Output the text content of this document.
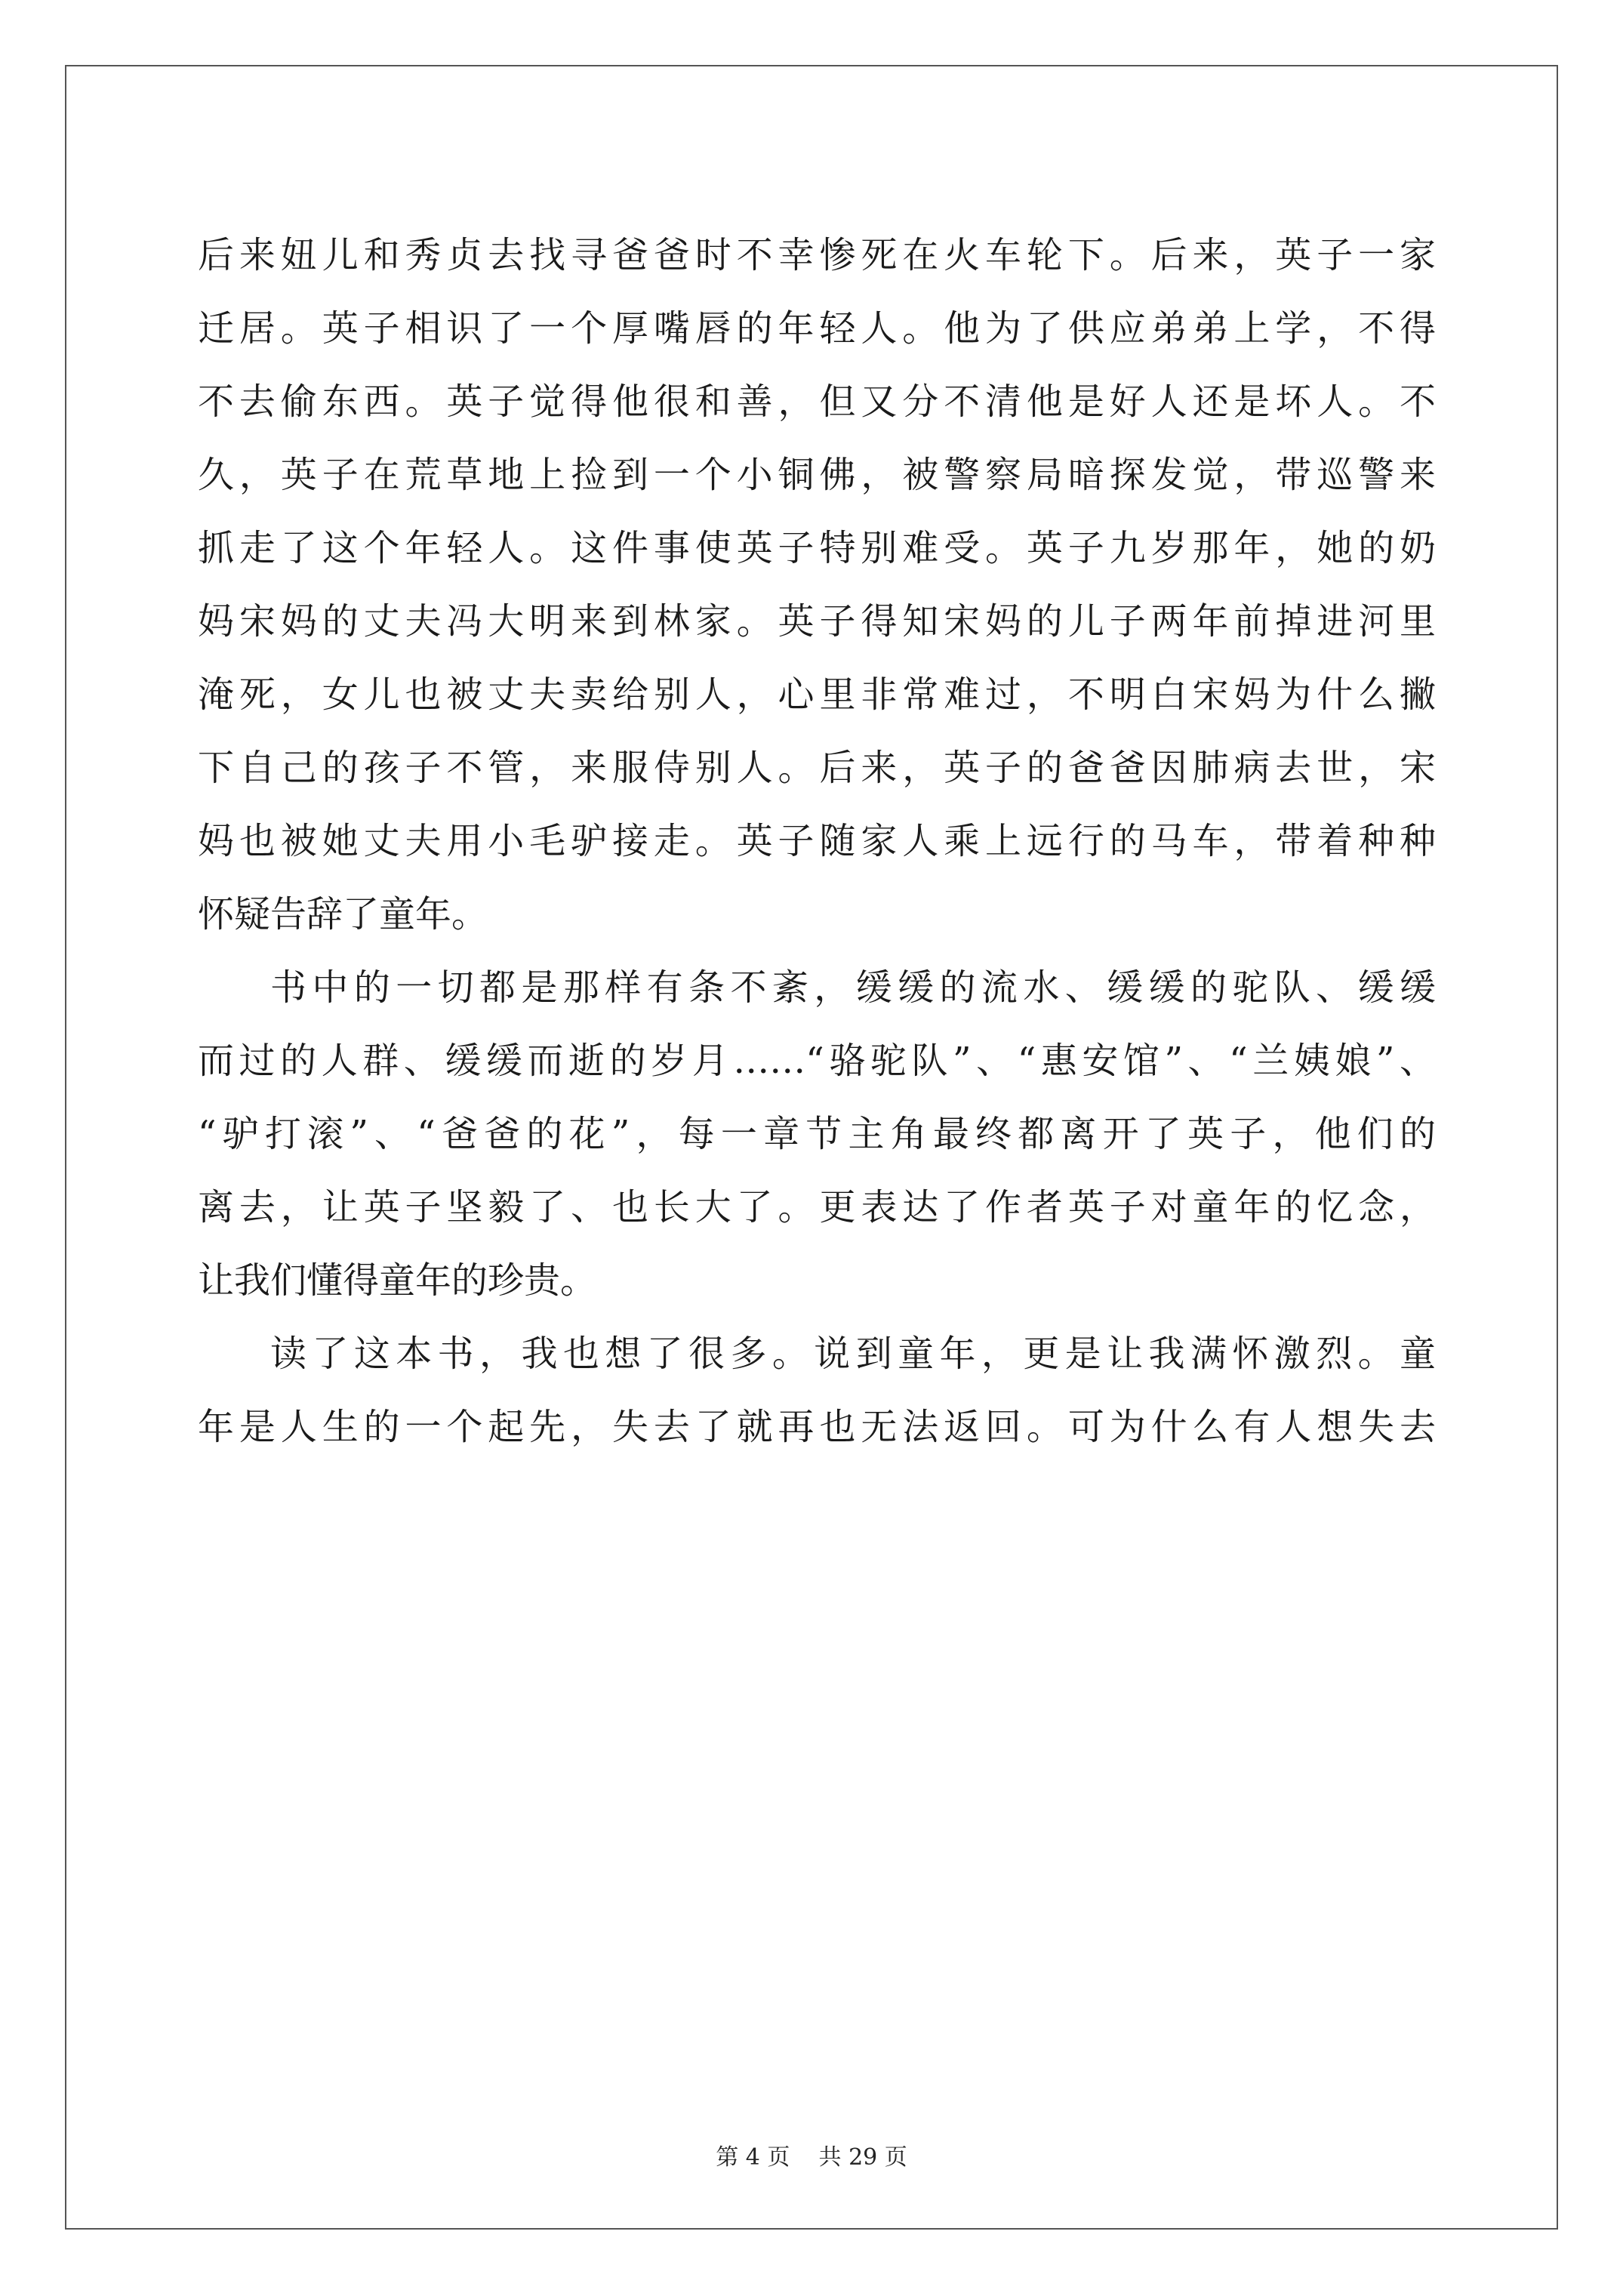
后来妞儿和秀贞去找寻爸爸时不幸惨死在火车轮下。后来，英子一家
迁居。英子相识了一个厚嘴唇的年轻人。他为了供应弟弟上学，不得
不去偷东西。英子觉得他很和善，但又分不清他是好人还是坏人。不
久，英子在荒草地上捡到一个小铜佛，被警察局暗探发觉，带巡警来
抓走了这个年轻人。这件事使英子特别难受。英子九岁那年，她的奶
妈宋妈的丈夫冯大明来到林家。英子得知宋妈的儿子两年前掉进河里
淹死，女儿也被丈夫卖给别人，心里非常难过，不明白宋妈为什么撇
下自己的孩子不管，来服侍别人。后来，英子的爸爸因肺病去世，宋
妈也被她丈夫用小毛驴接走。英子随家人乘上远行的马车，带着种种
怀疑告辞了童年。
书中的一切都是那样有条不紊，缓缓的流水、缓缓的驼队、缓缓
而过的人群、缓缓而逝的岁月……“骆驼队”、“惠安馆”、“兰姨娘”、
“驴打滚”、“爸爸的花”，每一章节主角最终都离开了英子，他们的
离去，让英子坚毅了、也长大了。更表达了作者英子对童年的忆念，
让我们懂得童年的珍贵。
读了这本书，我也想了很多。说到童年，更是让我满怀激烈。童
年是人生的一个起先，失去了就再也无法返回。可为什么有人想失去
第 4 页 共 29 页
